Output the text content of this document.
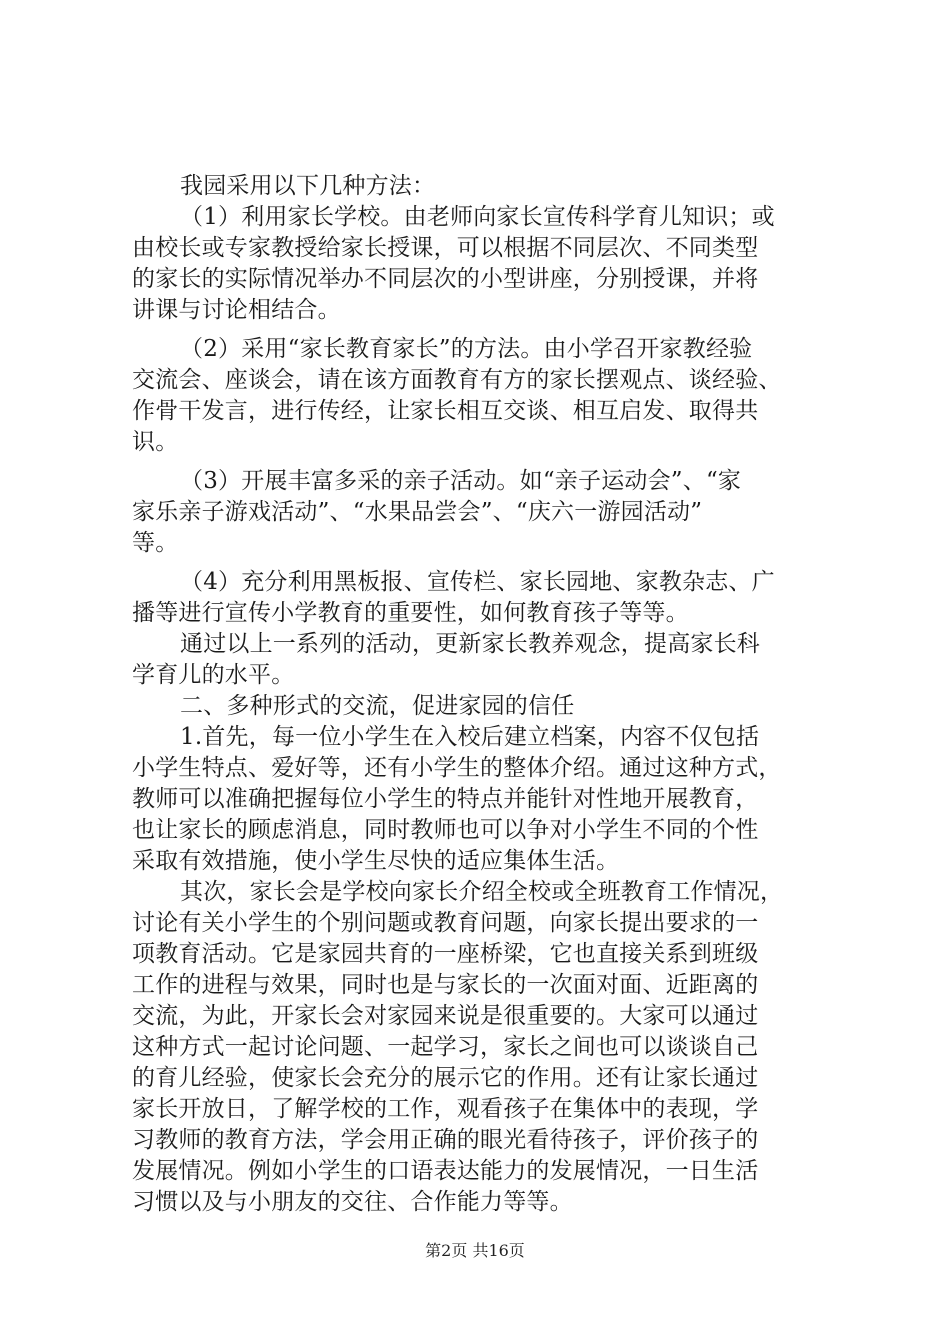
我园采用以下几种方法：
（1）利用家长学校。由老师向家长宣传科学育儿知识；或
由校长或专家教授给家长授课，可以根据不同层次、不同类型
的家长的实际情况举办不同层次的小型讲座，分别授课，并将
讲课与讨论相结合。
（2）采用“家长教育家长”的方法。由小学召开家教经验
交流会、座谈会，请在该方面教育有方的家长摆观点、谈经验、
作骨干发言，进行传经，让家长相互交谈、相互启发、取得共
识。
（3）开展丰富多采的亲子活动。如“亲子运动会”、“家
家乐亲子游戏活动”、“水果品尝会”、“庆六一游园活动”
等。
（4）充分利用黑板报、宣传栏、家长园地、家教杂志、广
播等进行宣传小学教育的重要性，如何教育孩子等等。
通过以上一系列的活动，更新家长教养观念，提高家长科
学育儿的水平。
二、多种形式的交流，促进家园的信任
1.首先，每一位小学生在入校后建立档案，内容不仅包括
小学生特点、爱好等，还有小学生的整体介绍。通过这种方式，
教师可以准确把握每位小学生的特点并能针对性地开展教育，
也让家长的顾虑消息，同时教师也可以争对小学生不同的个性
采取有效措施，使小学生尽快的适应集体生活。
其次，家长会是学校向家长介绍全校或全班教育工作情况，
讨论有关小学生的个别问题或教育问题，向家长提出要求的一
项教育活动。它是家园共育的一座桥梁，它也直接关系到班级
工作的进程与效果，同时也是与家长的一次面对面、近距离的
交流，为此，开家长会对家园来说是很重要的。大家可以通过
这种方式一起讨论问题、一起学习，家长之间也可以谈谈自己
的育儿经验，使家长会充分的展示它的作用。还有让家长通过
家长开放日，了解学校的工作，观看孩子在集体中的表现，学
习教师的教育方法，学会用正确的眼光看待孩子，评价孩子的
发展情况。例如小学生的口语表达能力的发展情况，一日生活
习惯以及与小朋友的交往、合作能力等等。
第2页 共16页
